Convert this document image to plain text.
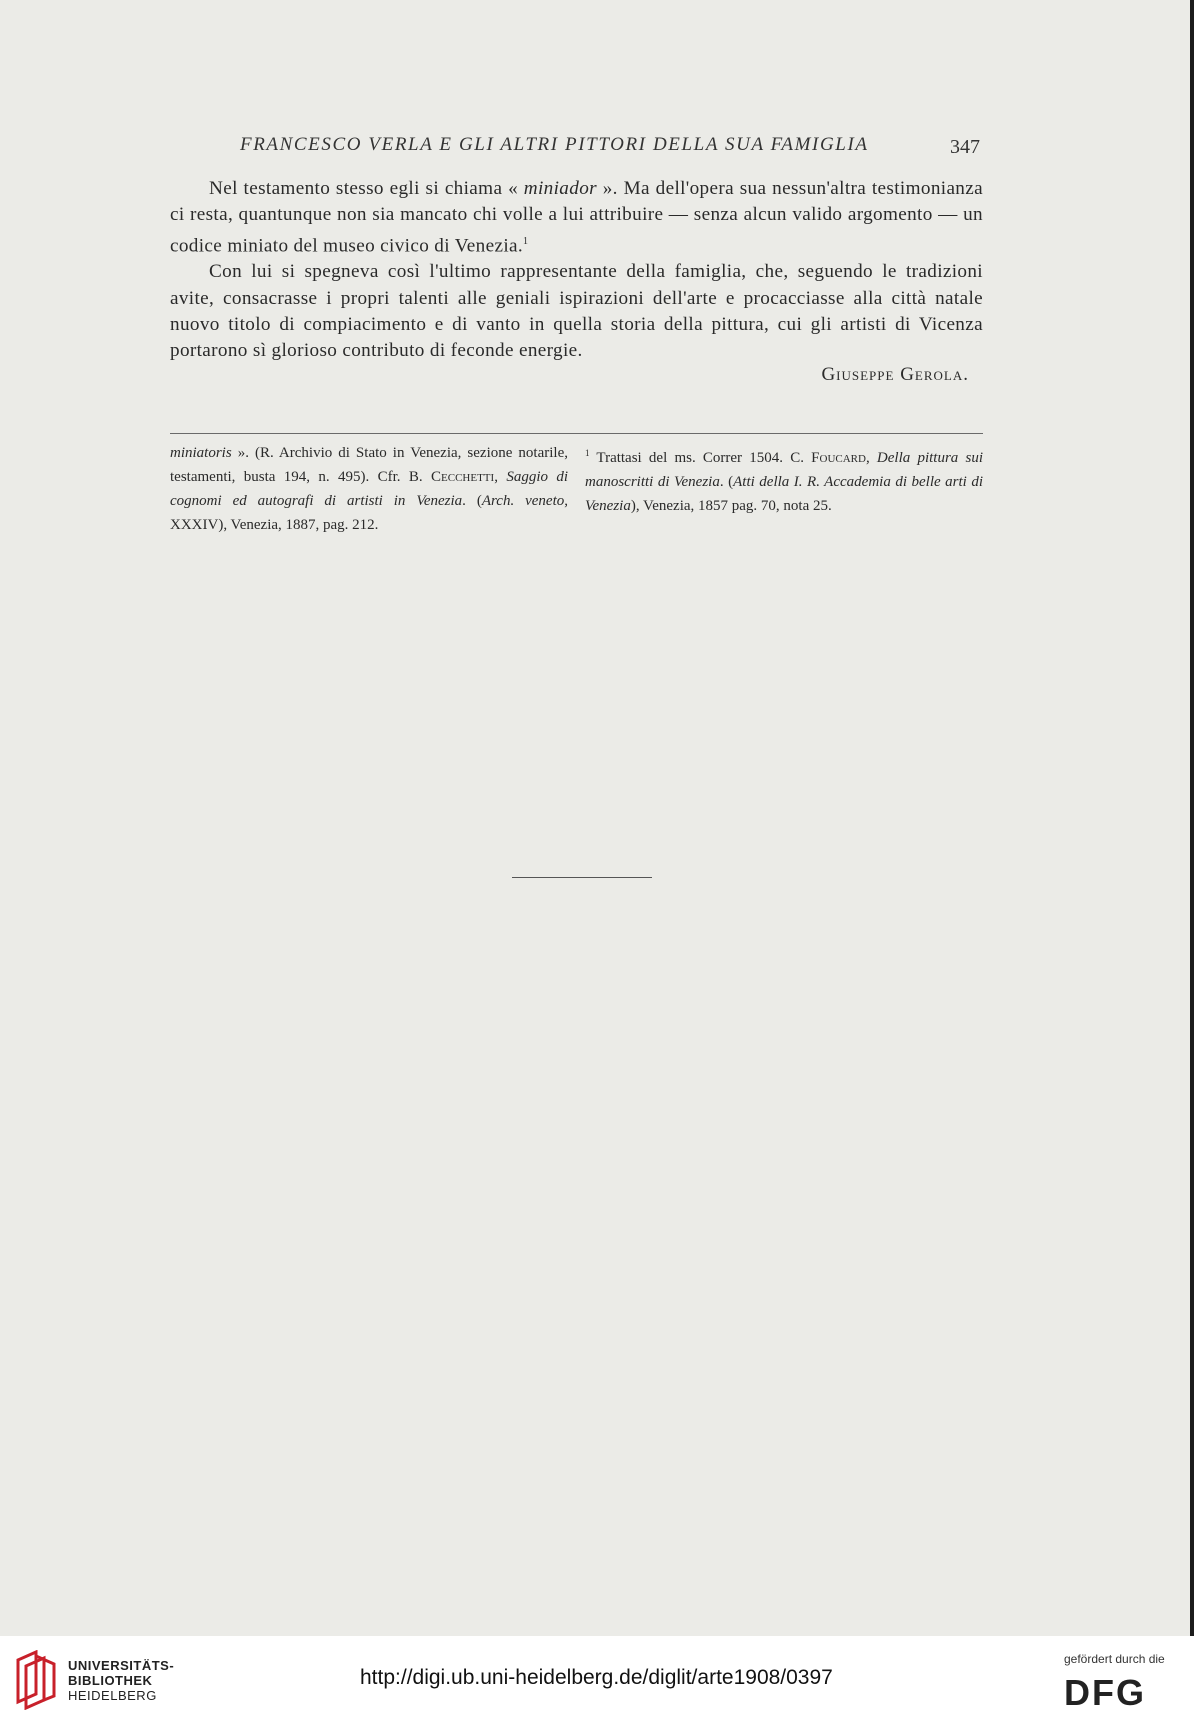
FRANCESCO VERLA E GLI ALTRI PITTORI DELLA SUA FAMIGLIA	347

Nel testamento stesso egli si chiama « miniador ». Ma dell'opera sua nessun'altra testimonianza ci resta, quantunque non sia mancato chi volle a lui attribuire — senza alcun valido argomento — un codice miniato del museo civico di Venezia.$^1$

Con lui si spegneva così l'ultimo rappresentante della famiglia, che, seguendo le tradizioni avite, consacrasse i propri talenti alle geniali ispirazioni dell'arte e procacciasse alla città natale nuovo titolo di compiacimento e di vanto in quella storia della pittura, cui gli artisti di Vicenza portarono sì glorioso contributo di feconde energie.

Giuseppe Gerola.

miniatoris ». (R. Archivio di Stato in Venezia, sezione notarile, testamenti, busta 194, n. 495). Cfr. B. Cecchetti, Saggio di cognomi ed autografi di artisti in Venezia. (Arch. veneto, XXXIV), Venezia, 1887, pag. 212.

$^1$ Trattasi del ms. Correr 1504. C. Foucard, Della pittura sui manoscritti di Venezia. (Atti della I. R. Accademia di belle arti di Venezia), Venezia, 1857 pag. 70, nota 25.

UNIVERSITÄTS-
BIBLIOTHEK
HEIDELBERG
http://digi.ub.uni-heidelberg.de/diglit/arte1908/0397
gefördert durch die
DFG
